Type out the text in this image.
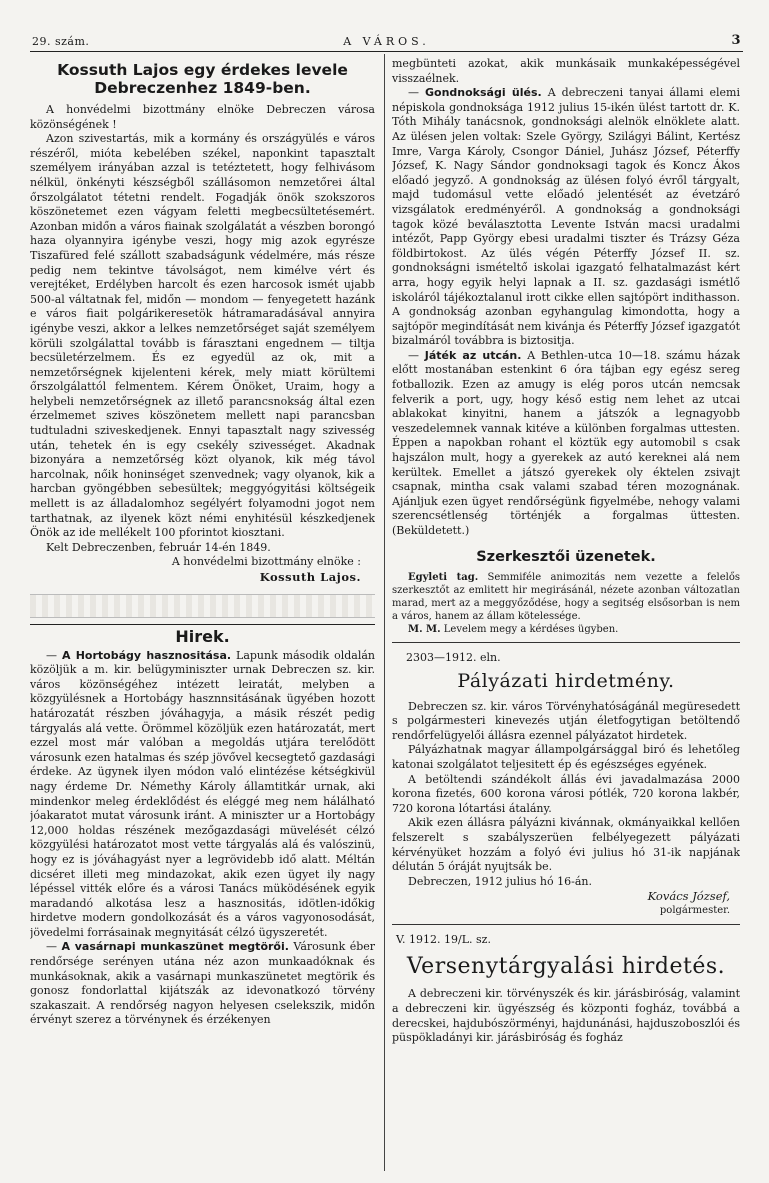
29. szám.	A VÁROS.	3
Kossuth Lajos egy érdekes levele Debreczenhez 1849-ben.

A honvédelmi bizottmány elnöke Debreczen városa közönségének !

Azon szivestartás, mik a kormány és országyülés e város részéről, mióta kebelében székel, naponkint tapasztalt személyem irányában azzal is tetéztetett, hogy felhivásom nélkül, önkényti készségből szállásomon nemzetőrei által őrszolgálatot tétetni rendelt. Fogadják önök szokszoros köszönetemet ezen vágyam feletti megbecsültetésemért. Azonban midőn a város fiainak szolgálatát a vészben borongó haza olyannyira igénybe veszi, hogy mig azok egyrésze Tiszafüred felé szállott szabadságunk védelmére, más része pedig nem tekintve távolságot, nem kimélve vért és verejtéket, Erdélyben harcolt és ezen harcosok ismét ujabb 500-al váltatnak fel, midőn — mondom — fenyegetett hazánk e város fiait polgárikeresetök hátramaradásával annyira igénybe veszi, akkor a lelkes nemzetőrséget saját személyem körüli szolgálattal tovább is fárasztani engednem — tiltja becsületérzelmem. És ez egyedül az ok, mit a nemzetőrségnek kijelenteni kérek, mely miatt körültemi őrszolgálattól felmentem. Kérem Önöket, Uraim, hogy a helybeli nemzetőrségnek az illető parancsnokság által ezen érzelmemet szives köszönetem mellett napi parancsban tudtuladni sziveskedjenek. Ennyi tapasztalt nagy szivesség után, tehetek én is egy csekély szivességet. Akadnak bizonyára a nemzetőrség közt olyanok, kik még távol harcolnak, nőik honinséget szenvednek; vagy olyanok, kik a harcban gyöngébben sebesültek; meggyógyitási költségeik mellett is az álladalomhoz segélyért folyamodni jogot nem tarthatnak, az ilyenek közt némi enyhitésül készkedjenek Önök az ide mellékelt 100 pforintot kiosztani.

Kelt Debreczenben, február 14-én 1849.

A honvédelmi bizottmány elnöke :
Kossuth Lajos.
Hirek.

— A Hortobágy hasznositása. Lapunk második oldalán közöljük a m. kir. belügyminiszter urnak Debreczen sz. kir. város közönségéhez intézett leiratát, melyben a közgyülésnek a Hortobágy hasznnsitásának ügyében hozott határozatát részben jóváhagyja, a másik részét pedig tárgyalás alá vette. Örömmel közöljük ezen határozatát, mert ezzel most már valóban a megoldás utjára terelődött városunk ezen hatalmas és szép jövővel kecsegtető gazdasági érdeke. Az ügynek ilyen módon való elintézése kétségkivül nagy érdeme Dr. Némethy Károly államtitkár urnak, aki mindenkor meleg érdeklődést és eléggé meg nem hálálható jóakaratot mutat városunk iránt. A miniszter ur a Hortobágy 12,000 holdas részének mezőgazdasági müvelését célzó közgyülési határozatot most vette tárgyalás alá és valószinü, hogy ez is jóváhagyást nyer a legrövidebb idő alatt. Méltán dicséret illeti meg mindazokat, akik ezen ügyet ily nagy lépéssel vitték előre és a városi Tanács müködésének egyik maradandó alkotása lesz a hasznositás, idötlen-időkig hirdetve modern gondolkozását és a város vagyonosodását, jövedelmi forrásainak megnyitását célzó ügyszeretét.

— A vasárnapi munkaszünet megtörői. Városunk éber rendőrsége serényen utána néz azon munkaadóknak és munkásoknak, akik a vasárnapi munkaszünetet megtörik és gonosz fondorlattal kijátszák az idevonatkozó törvény szakaszait. A rendőrség nagyon helyesen cselekszik, midőn érvényt szerez a törvénynek és érzékenyen

megbünteti azokat, akik munkásaik munkaképességével visszaélnek.

— Gondnoksági ülés. A debreczeni tanyai állami elemi népiskola gondnoksága 1912 julius 15-ikén ülést tartott dr. K. Tóth Mihály tanácsnok, gondnoksági alelnök elnöklete alatt. Az ülésen jelen voltak: Szele György, Szilágyi Bálint, Kertész Imre, Varga Károly, Csongor Dániel, Juhász József, Péterffy József, K. Nagy Sándor gondnoksagi tagok és Koncz Ákos előadó jegyző. A gondnokság az ülésen folyó évről tárgyalt, majd tudomásul vette előadó jelentését az évetzáró vizsgálatok eredményéről. A gondnokság a gondnoksági tagok közé beválasztotta Levente István macsi uradalmi intézőt, Papp György ebesi uradalmi tiszter és Trázsy Géza földbirtokost. Az ülés végén Péterffy József II. sz. gondnokságni ismételtő iskolai igazgató felhatalmazást kért arra, hogy egyik helyi lapnak a II. sz. gazdasági ismétlő iskoláról tájékoztalanul irott cikke ellen sajtópört indithasson. A gondnokság azonban egyhangulag kimondotta, hogy a sajtópör megindítását nem kivánja és Péterffy József igazgatót bizalmáról továbbra is biztositja.

— Játék az utcán. A Bethlen-utca 10—18. számu házak előtt mostanában estenkint 6 óra tájban egy egész sereg fotballozik. Ezen az amugy is elég poros utcán nemcsak felverik a port, ugy, hogy késő estig nem lehet az utcai ablakokat kinyitni, hanem a játszók a legnagyobb veszedelemnek vannak kitéve a különben forgalmas uttesten. Éppen a napokban rohant el köztük egy automobil s csak hajszálon mult, hogy a gyerekek az autó kereknei alá nem kerültek. Emellet a játszó gyerekek oly éktelen zsivajt csapnak, mintha csak valami szabad téren mozognának. Ajánljuk ezen ügyet rendőrségünk figyelmébe, nehogy valami szerencsétlenség történjék a forgalmas üttesten. (Beküldetett.)

Szerkesztői üzenetek.

Egyleti tag. Semmiféle animozitás nem vezette a felelős szerkesztőt az emlitett hir megirásánál, nézete azonban változatlan marad, mert az a meggyőződése, hogy a segitség elsősorban is nem a város, hanem az állam kötelessége.

M. M. Levelem megy a kérdéses ügyben.

2303—1912. eln.
Pályázati hirdetmény.

Debreczen sz. kir. város Törvényhatóságánál megüresedett s polgármesteri kinevezés utján életfogytigan betöltendő rendőrfelügyelői állásra ezennel pályázatot hirdetek.

Pályázhatnak magyar állampolgársággal biró és lehetőleg katonai szolgálatot teljesitett ép és egészséges egyének.

A betöltendi szándékolt állás évi javadalmazása 2000 korona fizetés, 600 korona városi pótlék, 720 korona lakbér, 720 korona lótartási átalány.

Akik ezen állásra pályázni kivánnak, okmányaikkal kellően felszerelt s szabályszerüen felbélyegezett pályázati kérvényüket hozzám a folyó évi julius hó 31-ik napjának délután 5 óráját nyujtsák be.

Debreczen, 1912 julius hó 16-án.

Kovács József,
polgármester.
V. 1912. 19/L. sz.
Versenytárgyalási hirdetés.

A debreczeni kir. törvényszék és kir. járásbiróság, valamint a debreczeni kir. ügyészség és központi fogház, továbbá a derecskei, hajdubószörményi, hajdunánási, hajduszoboszlói és püspökladányi kir. járásbiróság és fogház
